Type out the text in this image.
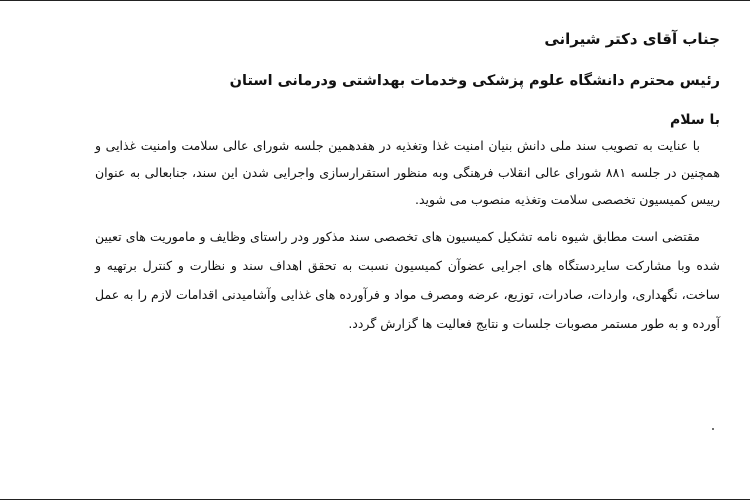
جناب آقای دکتر شیرانی
رئیس محترم دانشگاه علوم پزشکی وخدمات بهداشتی ودرمانی استان
با سلام

با عنایت به تصویب سند ملی دانش بنیان امنیت غذا وتغذیه در هفدهمین جلسه شورای عالی سلامت وامنیت غذایی و همچنین در جلسه ۸۸۱ شورای عالی انقلاب فرهنگی وبه منظور استقرارسازی واجرایی شدن این سند، جنابعالی به عنوان رییس کمیسیون تخصصی سلامت وتغذیه منصوب می شوید.

مقتضی است مطابق شیوه نامه تشکیل کمیسیون های تخصصی سند مذکور ودر راستای وظایف و ماموریت های تعیین شده وبا مشارکت سایردستگاه های اجرایی عضوآن کمیسیون نسبت به تحقق اهداف سند و نظارت و کنترل برتهیه و ساخت، نگهداری، واردات، صادرات، توزیع، عرضه ومصرف مواد و فرآورده های غذایی وآشامیدنی اقدامات لازم را به عمل آورده و به طور مستمر مصوبات جلسات و نتایج فعالیت ها گزارش گردد.
